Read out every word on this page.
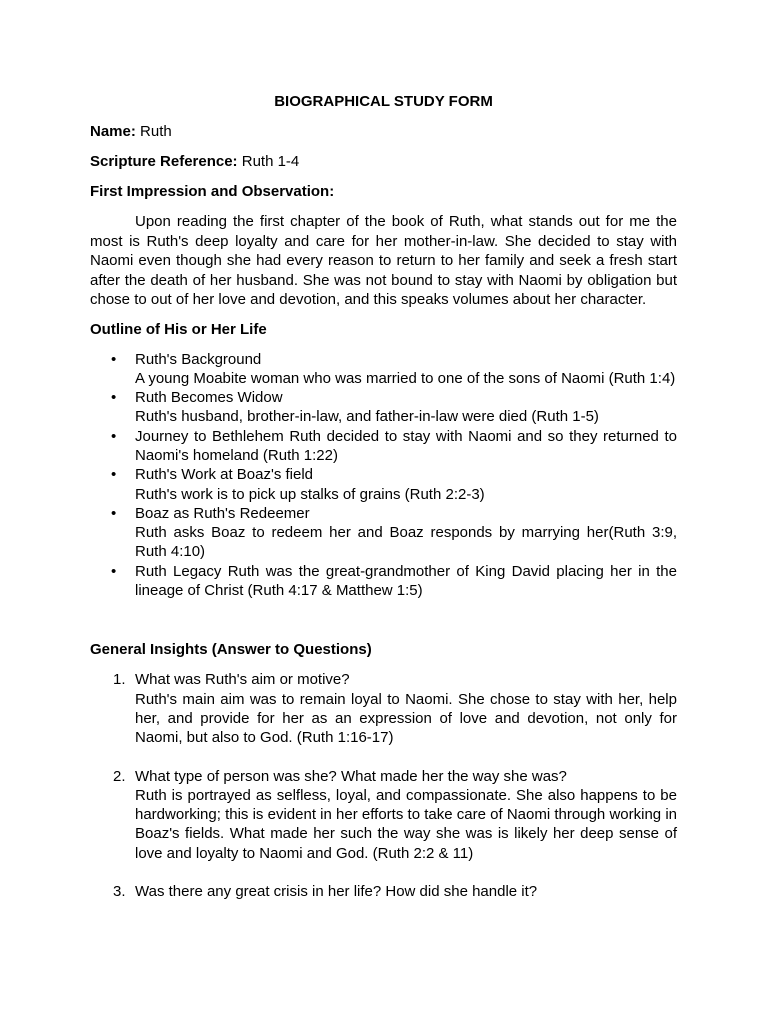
BIOGRAPHICAL STUDY FORM
Name: Ruth
Scripture Reference: Ruth 1-4
First Impression and Observation:
Upon reading the first chapter of the book of Ruth, what stands out for me the most is Ruth's deep loyalty and care for her mother-in-law. She decided to stay with Naomi even though she had every reason to return to her family and seek a fresh start after the death of her husband. She was not bound to stay with Naomi by obligation but chose to out of her love and devotion, and this speaks volumes about her character.
Outline of His or Her Life
• Ruth's Background
A young Moabite woman who was married to one of the sons of Naomi (Ruth 1:4)
• Ruth Becomes Widow
Ruth's husband, brother-in-law, and father-in-law were died (Ruth 1-5)
• Journey to Bethlehem Ruth decided to stay with Naomi and so they returned to Naomi's homeland (Ruth 1:22)
• Ruth's Work at Boaz's field
Ruth's work is to pick up stalks of grains (Ruth 2:2-3)
• Boaz as Ruth's Redeemer
Ruth asks Boaz to redeem her and Boaz responds by marrying her(Ruth 3:9, Ruth 4:10)
• Ruth Legacy Ruth was the great-grandmother of King David placing her in the lineage of Christ (Ruth 4:17 & Matthew 1:5)
General Insights (Answer to Questions)
1. What was Ruth's aim or motive?
Ruth's main aim was to remain loyal to Naomi. She chose to stay with her, help her, and provide for her as an expression of love and devotion, not only for Naomi, but also to God. (Ruth 1:16-17)
2. What type of person was she? What made her the way she was?
Ruth is portrayed as selfless, loyal, and compassionate. She also happens to be hardworking; this is evident in her efforts to take care of Naomi through working in Boaz's fields. What made her such the way she was is likely her deep sense of love and loyalty to Naomi and God. (Ruth 2:2 & 11)
3. Was there any great crisis in her life? How did she handle it?
